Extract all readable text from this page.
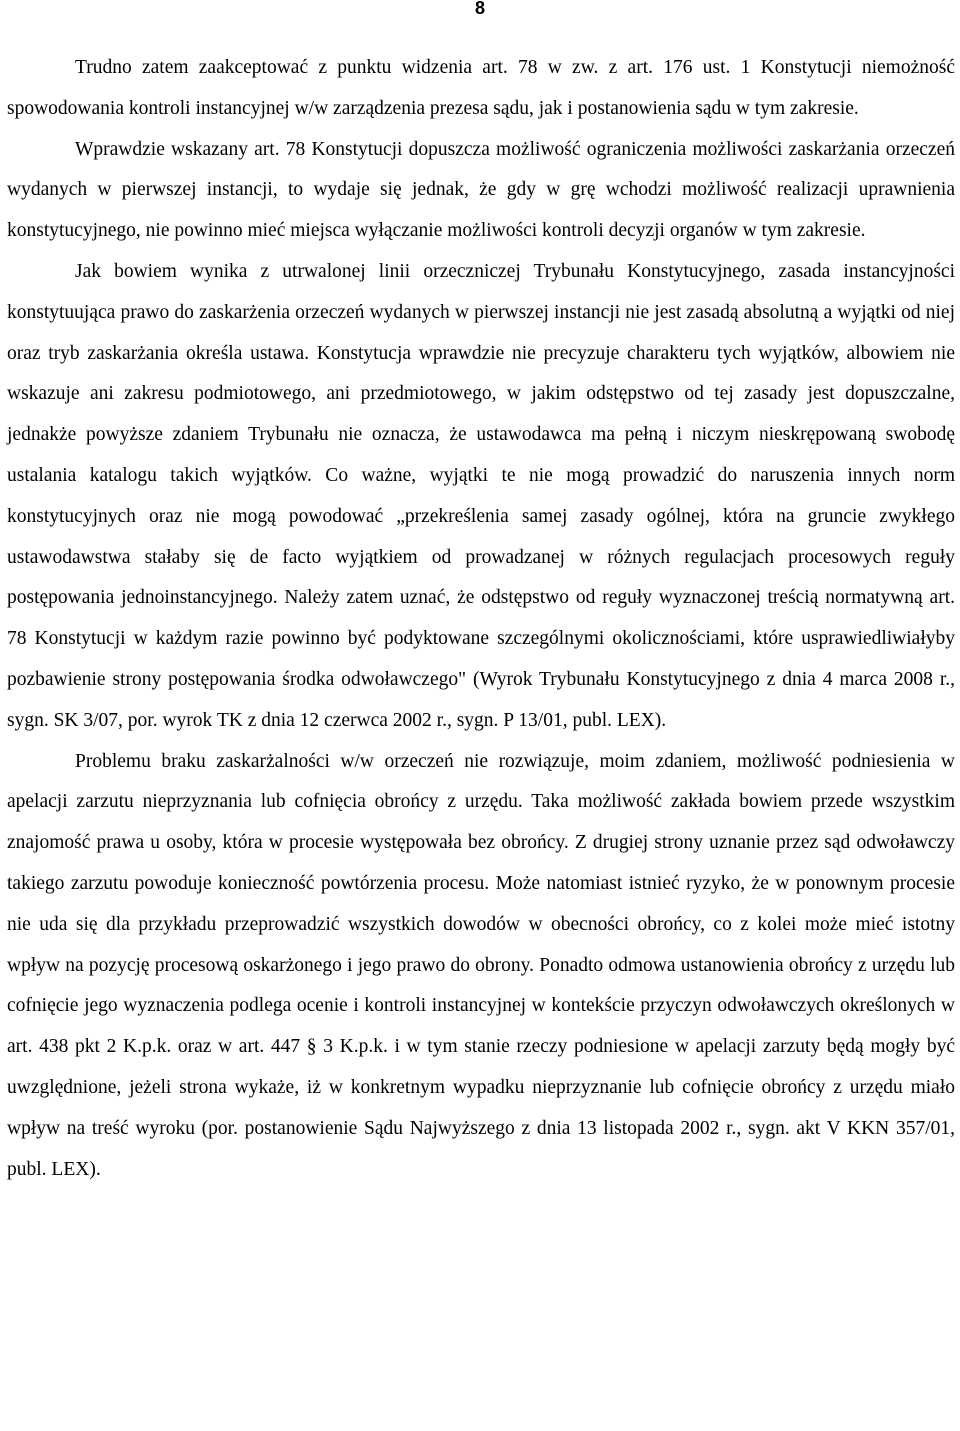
8

Trudno zatem zaakceptować z punktu widzenia art. 78 w zw. z art. 176 ust. 1 Konstytucji niemożność spowodowania kontroli instancyjnej w/w zarządzenia prezesa sądu, jak i postanowienia sądu w tym zakresie.

Wprawdzie wskazany art. 78 Konstytucji dopuszcza możliwość ograniczenia możliwości zaskarżania orzeczeń wydanych w pierwszej instancji, to wydaje się jednak, że gdy w grę wchodzi możliwość realizacji uprawnienia konstytucyjnego, nie powinno mieć miejsca wyłączanie możliwości kontroli decyzji organów w tym zakresie.

Jak bowiem wynika z utrwalonej linii orzeczniczej Trybunału Konstytucyjnego, zasada instancyjności konstytuująca prawo do zaskarżenia orzeczeń wydanych w pierwszej instancji nie jest zasadą absolutną a wyjątki od niej oraz tryb zaskarżania określa ustawa. Konstytucja wprawdzie nie precyzuje charakteru tych wyjątków, albowiem nie wskazuje ani zakresu podmiotowego, ani przedmiotowego, w jakim odstępstwo od tej zasady jest dopuszczalne, jednakże powyższe zdaniem Trybunału nie oznacza, że ustawodawca ma pełną i niczym nieskrępowaną swobodę ustalania katalogu takich wyjątków. Co ważne, wyjątki te nie mogą prowadzić do naruszenia innych norm konstytucyjnych oraz nie mogą powodować „przekreślenia samej zasady ogólnej, która na gruncie zwykłego ustawodawstwa stałaby się de facto wyjątkiem od prowadzanej w różnych regulacjach procesowych reguły postępowania jednoinstancyjnego. Należy zatem uznać, że odstępstwo od reguły wyznaczonej treścią normatywną art. 78 Konstytucji w każdym razie powinno być podyktowane szczególnymi okolicznościami, które usprawiedliwiałyby pozbawienie strony postępowania środka odwoławczego" (Wyrok Trybunału Konstytucyjnego z dnia 4 marca 2008 r., sygn. SK 3/07, por. wyrok TK z dnia 12 czerwca 2002 r., sygn. P 13/01, publ. LEX).

Problemu braku zaskarżalności w/w orzeczeń nie rozwiązuje, moim zdaniem, możliwość podniesienia w apelacji zarzutu nieprzyznania lub cofnięcia obrońcy z urzędu. Taka możliwość zakłada bowiem przede wszystkim znajomość prawa u osoby, która w procesie występowała bez obrońcy. Z drugiej strony uznanie przez sąd odwoławczy takiego zarzutu powoduje konieczność powtórzenia procesu. Może natomiast istnieć ryzyko, że w ponownym procesie nie uda się dla przykładu przeprowadzić wszystkich dowodów w obecności obrońcy, co z kolei może mieć istotny wpływ na pozycję procesową oskarżonego i jego prawo do obrony. Ponadto odmowa ustanowienia obrońcy z urzędu lub cofnięcie jego wyznaczenia podlega ocenie i kontroli instancyjnej w kontekście przyczyn odwoławczych określonych w art. 438 pkt 2 K.p.k. oraz w art. 447 § 3 K.p.k. i w tym stanie rzeczy podniesione w apelacji zarzuty będą mogły być uwzględnione, jeżeli strona wykaże, iż w konkretnym wypadku nieprzyznanie lub cofnięcie obrońcy z urzędu miało wpływ na treść wyroku (por. postanowienie Sądu Najwyższego z dnia 13 listopada 2002 r., sygn. akt V KKN 357/01, publ. LEX).
